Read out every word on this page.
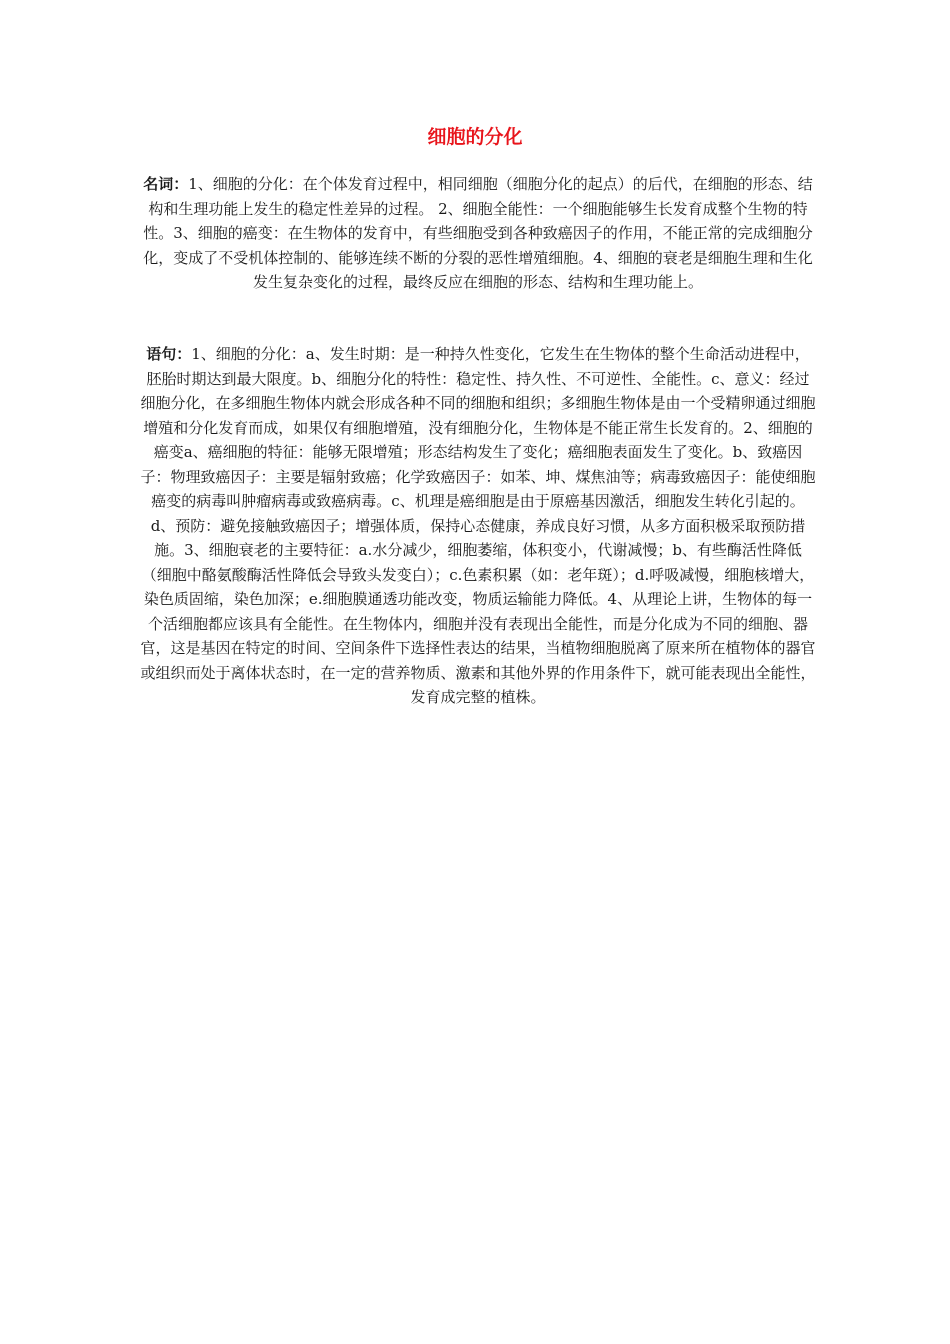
细胞的分化

名词：1、细胞的分化：在个体发育过程中，相同细胞（细胞分化的起点）的后代，在细胞的形态、结构和生理功能上发生的稳定性差异的过程。 2、细胞全能性：一个细胞能够生长发育成整个生物的特性。3、细胞的癌变：在生物体的发育中，有些细胞受到各种致癌因子的作用，不能正常的完成细胞分化，变成了不受机体控制的、能够连续不断的分裂的恶性增殖细胞。4、细胞的衰老是细胞生理和生化发生复杂变化的过程，最终反应在细胞的形态、结构和生理功能上。

语句：1、细胞的分化：a、发生时期：是一种持久性变化，它发生在生物体的整个生命活动进程中，胚胎时期达到最大限度。b、细胞分化的特性：稳定性、持久性、不可逆性、全能性。c、意义：经过细胞分化，在多细胞生物体内就会形成各种不同的细胞和组织；多细胞生物体是由一个受精卵通过细胞增殖和分化发育而成，如果仅有细胞增殖，没有细胞分化，生物体是不能正常生长发育的。2、细胞的癌变a、癌细胞的特征：能够无限增殖；形态结构发生了变化；癌细胞表面发生了变化。b、致癌因子：物理致癌因子：主要是辐射致癌；化学致癌因子：如苯、坤、煤焦油等；病毒致癌因子：能使细胞癌变的病毒叫肿瘤病毒或致癌病毒。c、机理是癌细胞是由于原癌基因激活，细胞发生转化引起的。d、预防：避免接触致癌因子；增强体质，保持心态健康，养成良好习惯，从多方面积极采取预防措施。3、细胞衰老的主要特征：a.水分减少，细胞萎缩，体积变小，代谢减慢；b、有些酶活性降低（细胞中酪氨酸酶活性降低会导致头发变白）；c.色素积累（如：老年斑）；d.呼吸减慢，细胞核增大，染色质固缩，染色加深；e.细胞膜通透功能改变，物质运输能力降低。4、从理论上讲，生物体的每一个活细胞都应该具有全能性。在生物体内，细胞并没有表现出全能性，而是分化成为不同的细胞、器官，这是基因在特定的时间、空间条件下选择性表达的结果，当植物细胞脱离了原来所在植物体的器官或组织而处于离体状态时，在一定的营养物质、激素和其他外界的作用条件下，就可能表现出全能性，发育成完整的植株。
